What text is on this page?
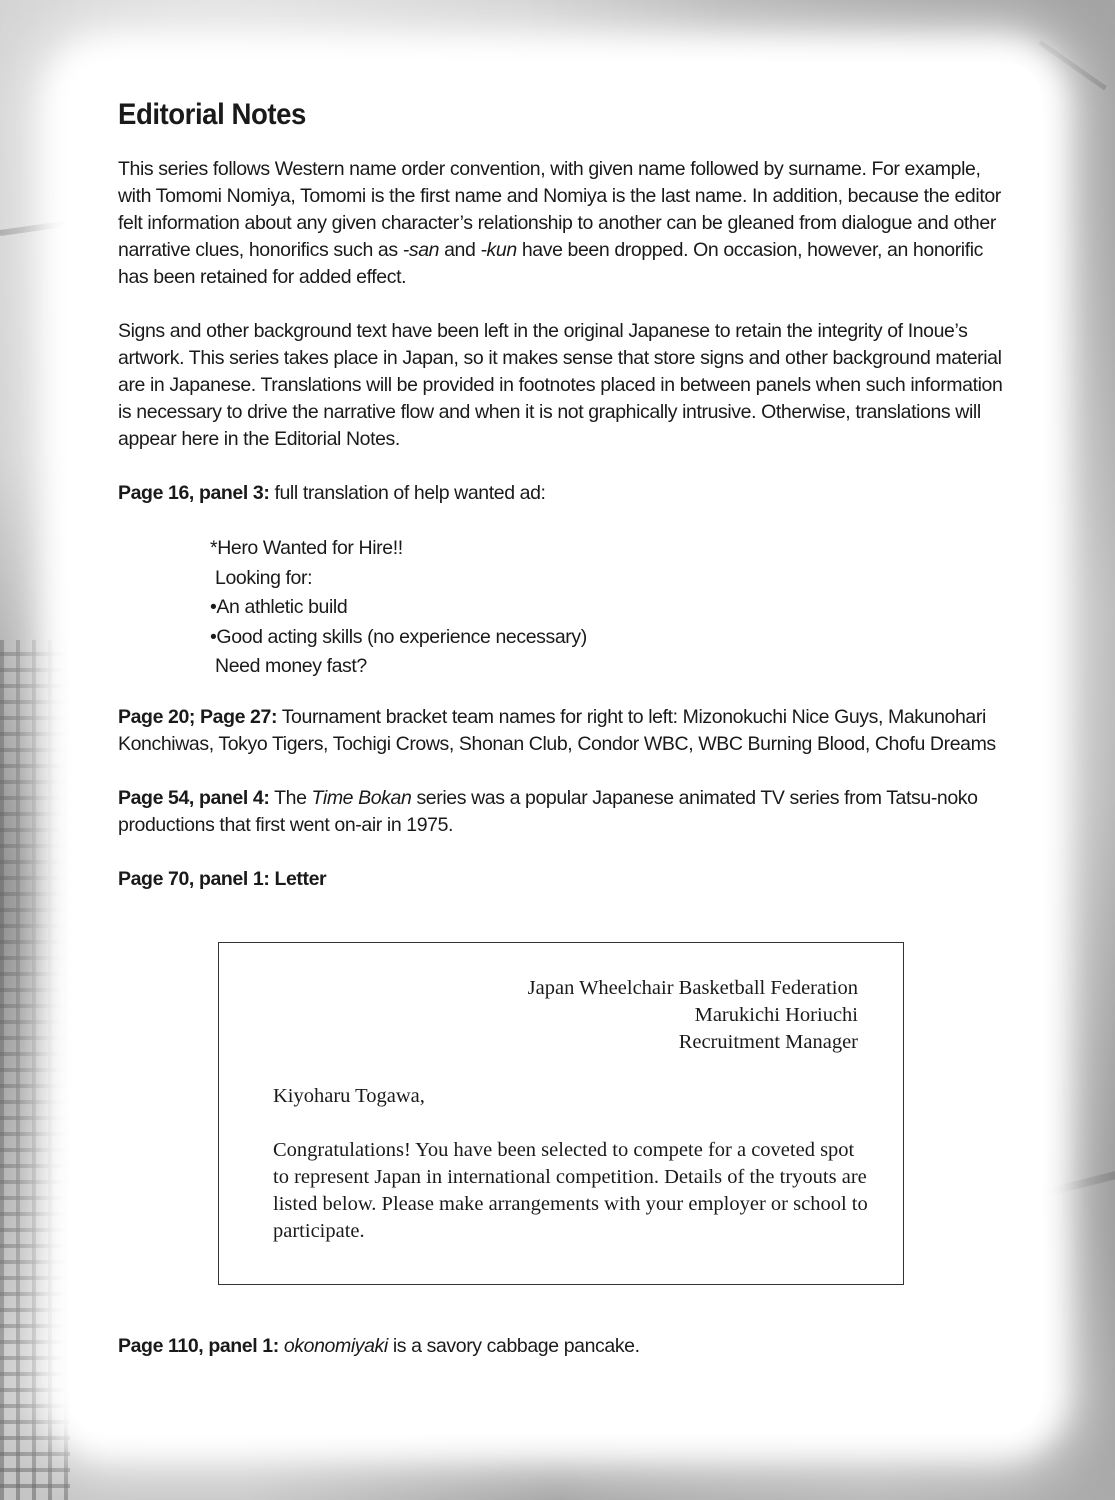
Editorial Notes

This series follows Western name order convention, with given name followed by surname. For example, with Tomomi Nomiya, Tomomi is the first name and Nomiya is the last name. In addition, because the editor felt information about any given character’s relationship to another can be gleaned from dialogue and other narrative clues, honorifics such as -san and -kun have been dropped. On occasion, however, an honorific has been retained for added effect.

Signs and other background text have been left in the original Japanese to retain the integrity of Inoue’s artwork. This series takes place in Japan, so it makes sense that store signs and other background material are in Japanese. Translations will be provided in footnotes placed in between panels when such information is necessary to drive the narrative flow and when it is not graphically intrusive. Otherwise, translations will appear here in the Editorial Notes.

Page 16, panel 3: full translation of help wanted ad:

*Hero Wanted for Hire!!
Looking for:
•An athletic build
•Good acting skills (no experience necessary)
Need money fast?

Page 20; Page 27: Tournament bracket team names for right to left: Mizonokuchi Nice Guys, Makunohari Konchiwas, Tokyo Tigers, Tochigi Crows, Shonan Club, Condor WBC, WBC Burning Blood, Chofu Dreams

Page 54, panel 4: The Time Bokan series was a popular Japanese animated TV series from Tatsu-noko productions that first went on-air in 1975.

Page 70, panel 1: Letter

Japan Wheelchair Basketball Federation
Marukichi Horiuchi
Recruitment Manager
Kiyoharu Togawa,
Congratulations! You have been selected to compete for a coveted spot to represent Japan in international competition. Details of the tryouts are listed below. Please make arrangements with your employer or school to participate.
Page 110, panel 1: okonomiyaki is a savory cabbage pancake.
